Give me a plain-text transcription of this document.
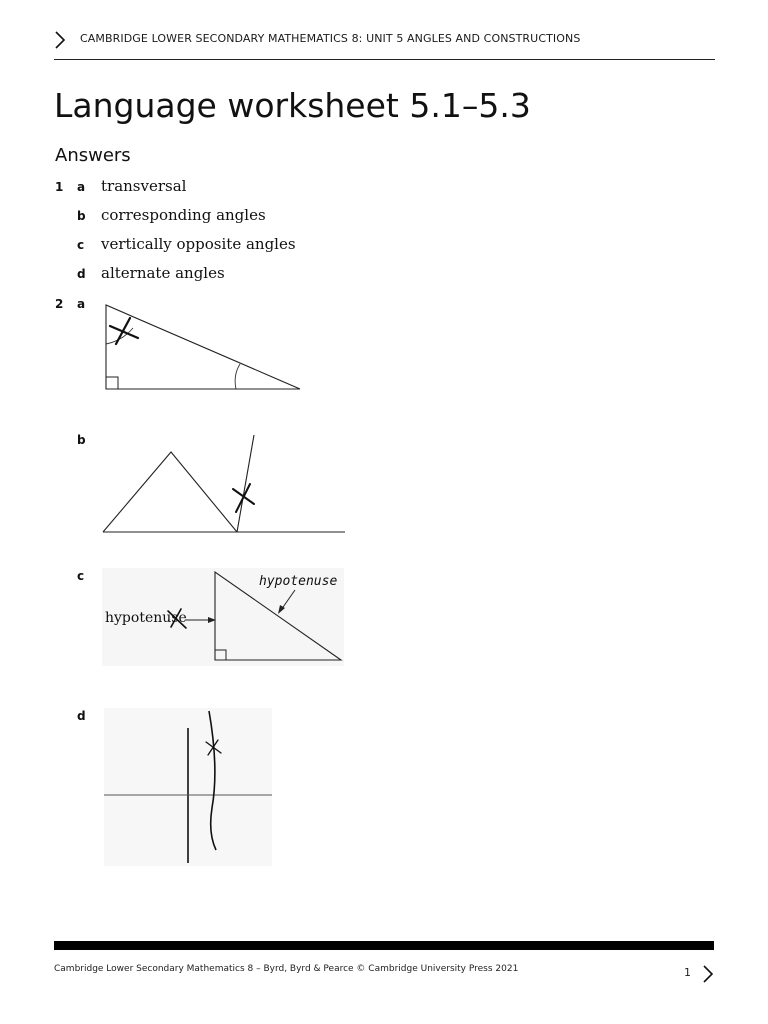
CAMBRIDGE LOWER SECONDARY MATHEMATICS 8: UNIT 5 ANGLES AND CONSTRUCTIONS
Language worksheet 5.1–5.3
Answers
1 a transversal
b corresponding angles
c vertically opposite angles
d alternate angles
2 a
b
c
hypotenuse
hypotenuse
d
Cambridge Lower Secondary Mathematics 8 – Byrd, Byrd & Pearce © Cambridge University Press 2021	1
